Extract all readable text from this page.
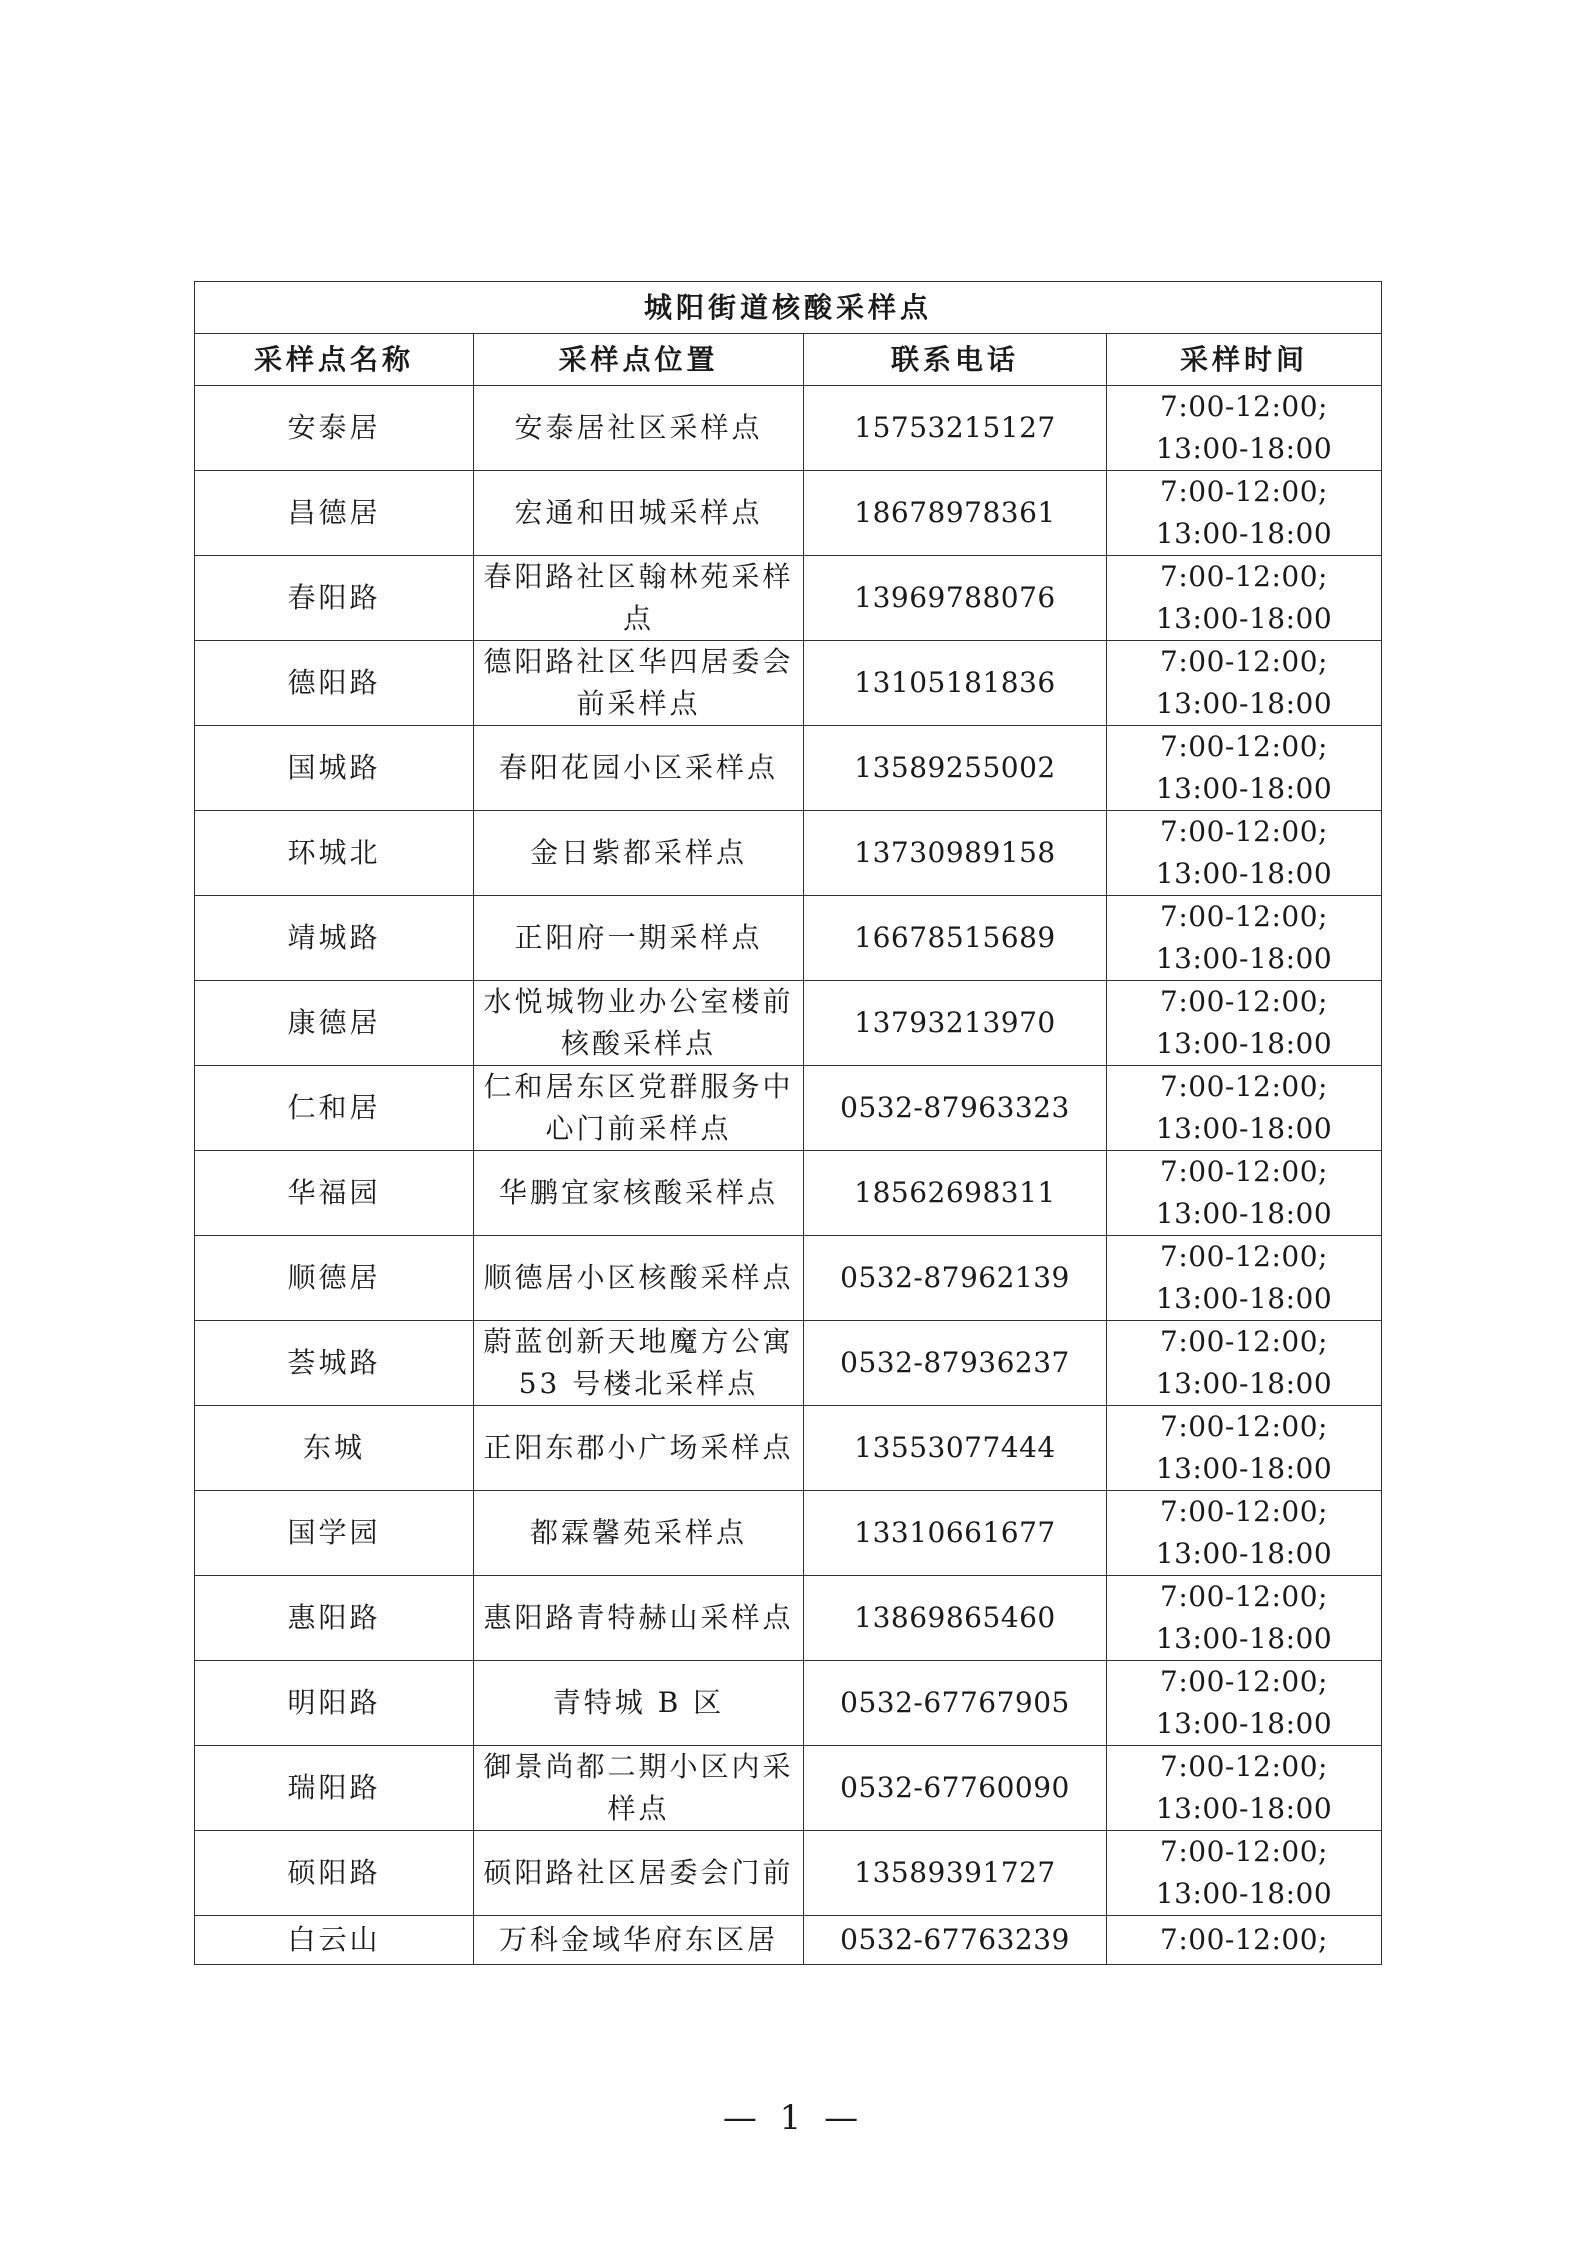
城阳街道核酸采样点			
采样点名称	采样点位置	联系电话	采样时间
安泰居	安泰居社区采样点	15753215127	7:00-12:00;
13:00-18:00

昌德居	宏通和田城采样点	18678978361	7:00-12:00;
13:00-18:00

春阳路	春阳路社区翰林苑采样点	13969788076	7:00-12:00;
13:00-18:00

德阳路	德阳路社区华四居委会前采样点	13105181836	7:00-12:00;
13:00-18:00

国城路	春阳花园小区采样点	13589255002	7:00-12:00;
13:00-18:00

环城北	金日紫都采样点	13730989158	7:00-12:00;
13:00-18:00

靖城路	正阳府一期采样点	16678515689	7:00-12:00;
13:00-18:00

康德居	水悦城物业办公室楼前核酸采样点	13793213970	7:00-12:00;
13:00-18:00

仁和居	仁和居东区党群服务中心门前采样点	0532-87963323	7:00-12:00;
13:00-18:00

华福园	华鹏宜家核酸采样点	18562698311	7:00-12:00;
13:00-18:00

顺德居	顺德居小区核酸采样点	0532-87962139	7:00-12:00;
13:00-18:00

荟城路	蔚蓝创新天地魔方公寓 53 号楼北采样点	0532-87936237	7:00-12:00;
13:00-18:00

东城	正阳东郡小广场采样点	13553077444	7:00-12:00;
13:00-18:00

国学园	都霖馨苑采样点	13310661677	7:00-12:00;
13:00-18:00

惠阳路	惠阳路青特赫山采样点	13869865460	7:00-12:00;
13:00-18:00

明阳路	青特城 B 区	0532-67767905	7:00-12:00;
13:00-18:00

瑞阳路	御景尚都二期小区内采样点	0532-67760090	7:00-12:00;
13:00-18:00

硕阳路	硕阳路社区居委会门前	13589391727	7:00-12:00;
13:00-18:00

白云山	万科金域华府东区居	0532-67763239	7:00-12:00;
— 1 —
